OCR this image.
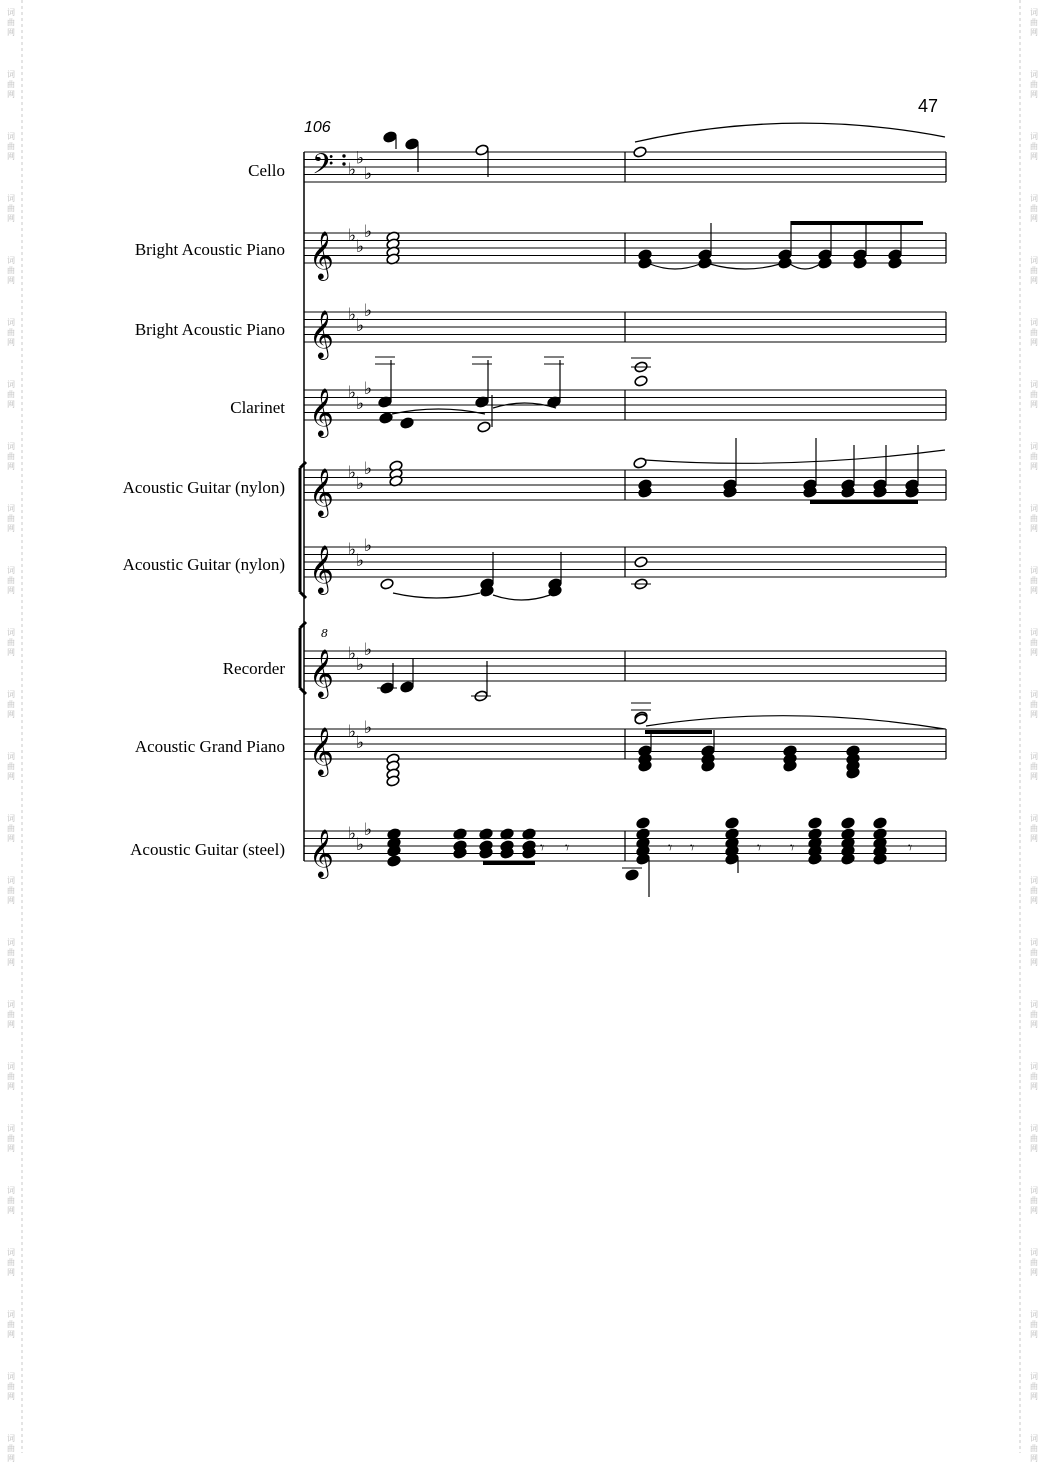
47
106
Cello
Bright Acoustic Piano
Bright Acoustic Piano
Clarinet
Acoustic Guitar (nylon)
Acoustic Guitar (nylon)
Recorder
Acoustic Grand Piano
Acoustic Guitar (steel)
𝄢 ♭
♭
♭
𝄞 ♭
♭
♭
𝄞 ♭
♭
♭
𝄞 ♭
♭
♭
𝄞 ♭
♭
♭
𝄞 ♭
♭
♭
𝄞
8
♭
♭
♭
𝄞 ♭
♭
♭
𝄞 ♭
♭
♭
𝄾 𝄾	𝄾 𝄾	𝄾 𝄾	𝄾
词
曲
网
词
曲
网
词
曲
网
词
曲
网
词
曲
网
词
曲
网
词
曲
网
词
曲
网
词
曲
网
词
曲
网
词
曲
网
词
曲
网
词
曲
网
词
曲
网
词
曲
网
词
曲
网
词
曲
网
词
曲
网
词
曲
网
词
曲
网
词
曲
网
词
曲
网
词
曲
网
词
曲
网
词
曲
网
词
曲
网
词
曲
网
词
曲
网
词
曲
网
词
曲
网
词
曲
网
词
曲
网
词
曲
网
词
曲
网
词
曲
网
词
曲
网
词
曲
网
词
曲
网
词
曲
网
词
曲
网
词
曲
网
词
曲
网
词
曲
网
词
曲
网
词
曲
网
词
曲
网
词
曲
网
词
曲
网
